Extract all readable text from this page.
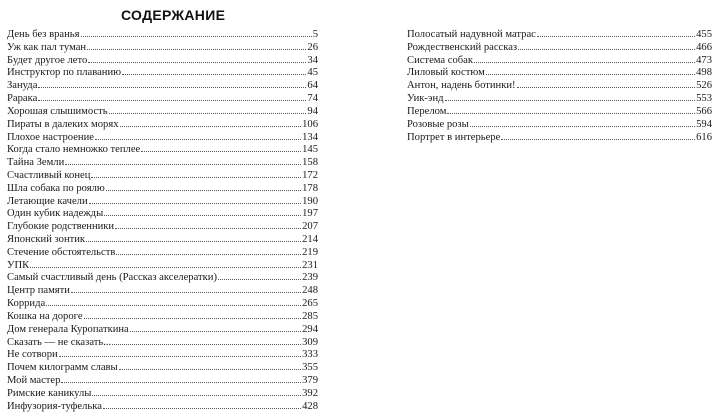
СОДЕРЖАНИЕ
День без вранья	5
Уж как пал туман	26
Будет другое лето	34
Инструктор по плаванию	45
Зануда	64
Рарака	74
Хорошая слышимость	94
Пираты в далеких морях	106
Плохое настроение	134
Когда стало немножко теплее	145
Тайна Земли	158
Счастливый конец	172
Шла собака по роялю	178
Летающие качели	190
Один кубик надежды	197
Глубокие родственники	207
Японский зонтик	214
Стечение обстоятельств	219
УПК	231
Самый счастливый день (Рассказ акселератки)	239
Центр памяти	248
Коррида	265
Кошка на дороге	285
Дом генерала Куропаткина	294
Сказать — не сказать...	309
Не сотвори	333
Почем килограмм славы	355
Мой мастер	379
Римские каникулы	392
Инфузория-туфелька	428
Полосатый надувной матрас	455
Рождественский рассказ	466
Система собак	473
Лиловый костюм	498
Антон, надень ботинки!	526
Уик-энд	553
Перелом	566
Розовые розы	594
Портрет в интерьере	616
